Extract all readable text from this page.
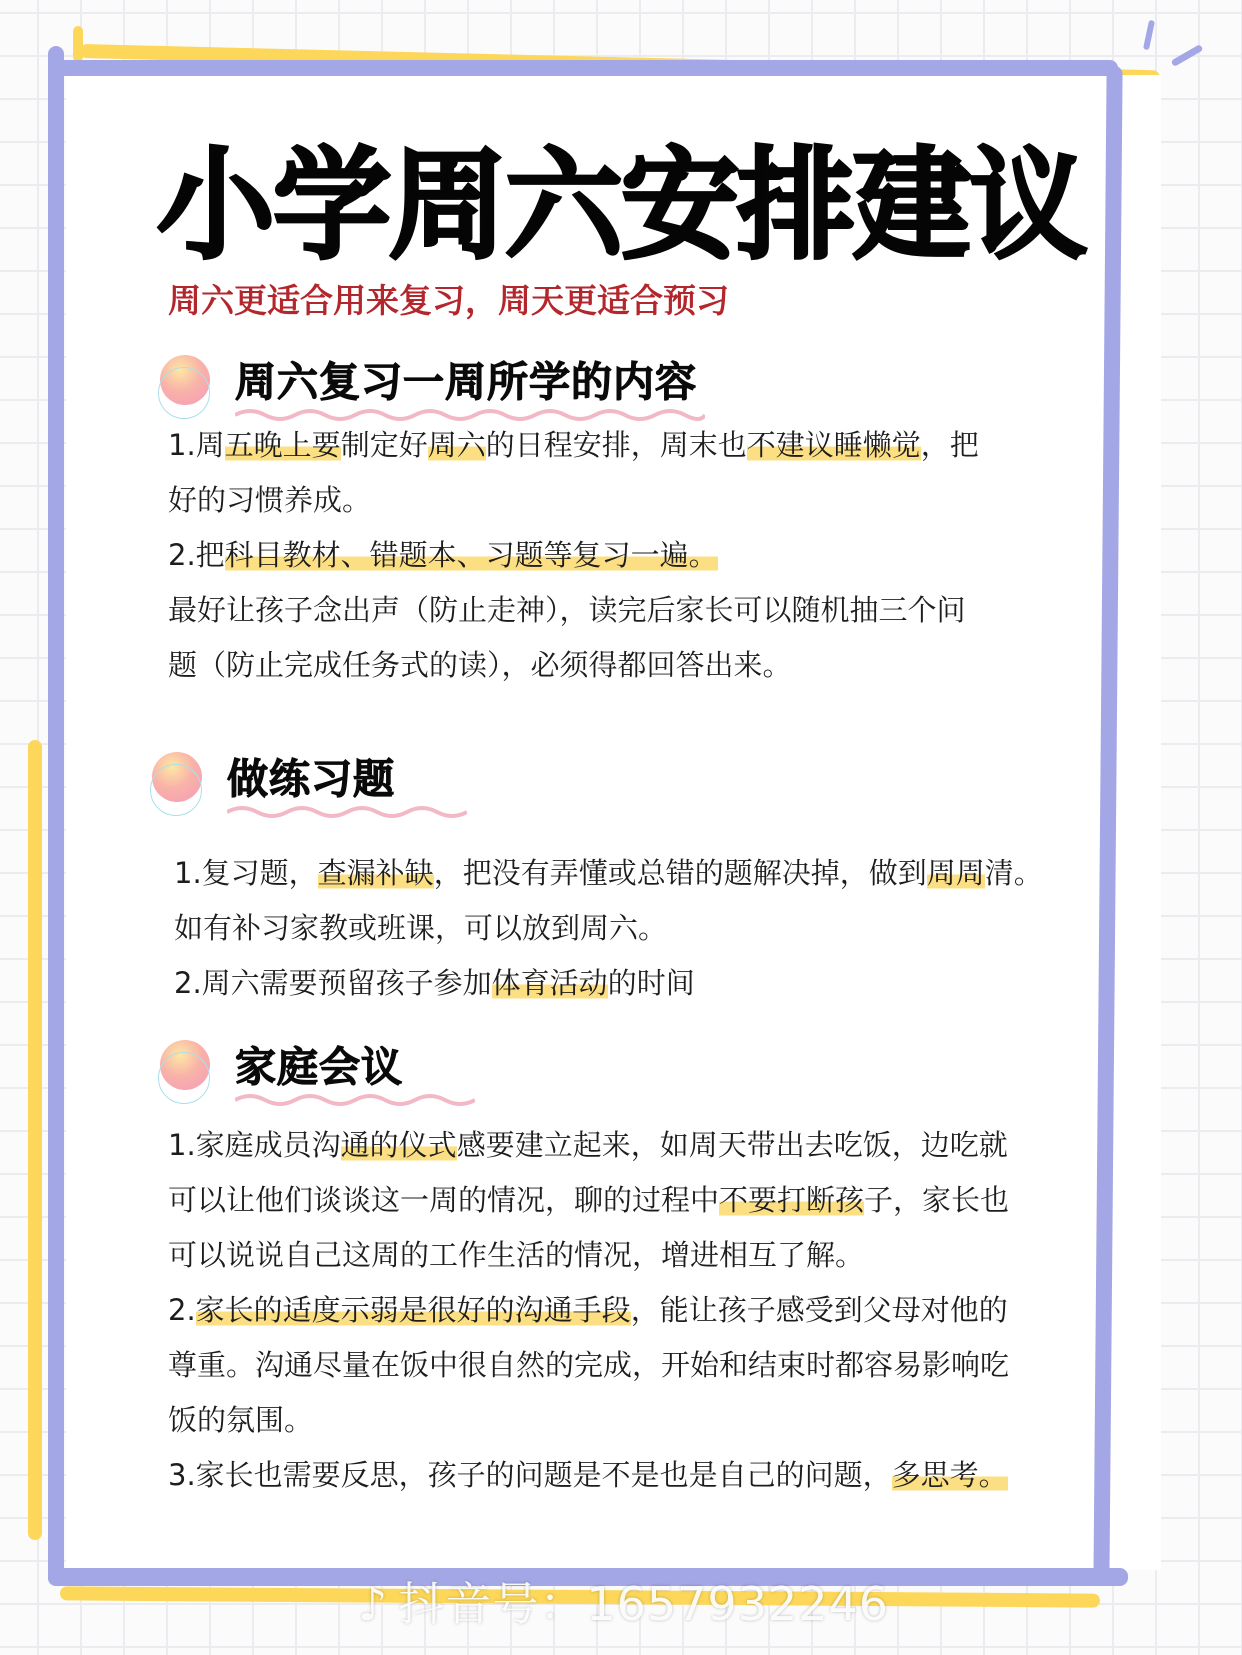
小学周六安排建议
周六更适合用来复习，周天更适合预习
周六复习一周所学的内容
1.周五晚上要制定好周六的日程安排，周末也不建议睡懒觉，把
好的习惯养成。
2.把科目教材、错题本、习题等复习一遍。
最好让孩子念出声（防止走神），读完后家长可以随机抽三个问
题（防止完成任务式的读），必须得都回答出来。
做练习题
1.复习题，查漏补缺，把没有弄懂或总错的题解决掉，做到周周清。
如有补习家教或班课，可以放到周六。
2.周六需要预留孩子参加体育活动的时间
家庭会议
1.家庭成员沟通的仪式感要建立起来，如周天带出去吃饭，边吃就
可以让他们谈谈这一周的情况，聊的过程中不要打断孩子，家长也
可以说说自己这周的工作生活的情况，增进相互了解。
2.家长的适度示弱是很好的沟通手段，能让孩子感受到父母对他的
尊重。沟通尽量在饭中很自然的完成，开始和结束时都容易影响吃
饭的氛围。
3.家长也需要反思，孩子的问题是不是也是自己的问题，多思考。
♪ 抖音号：1657932246
